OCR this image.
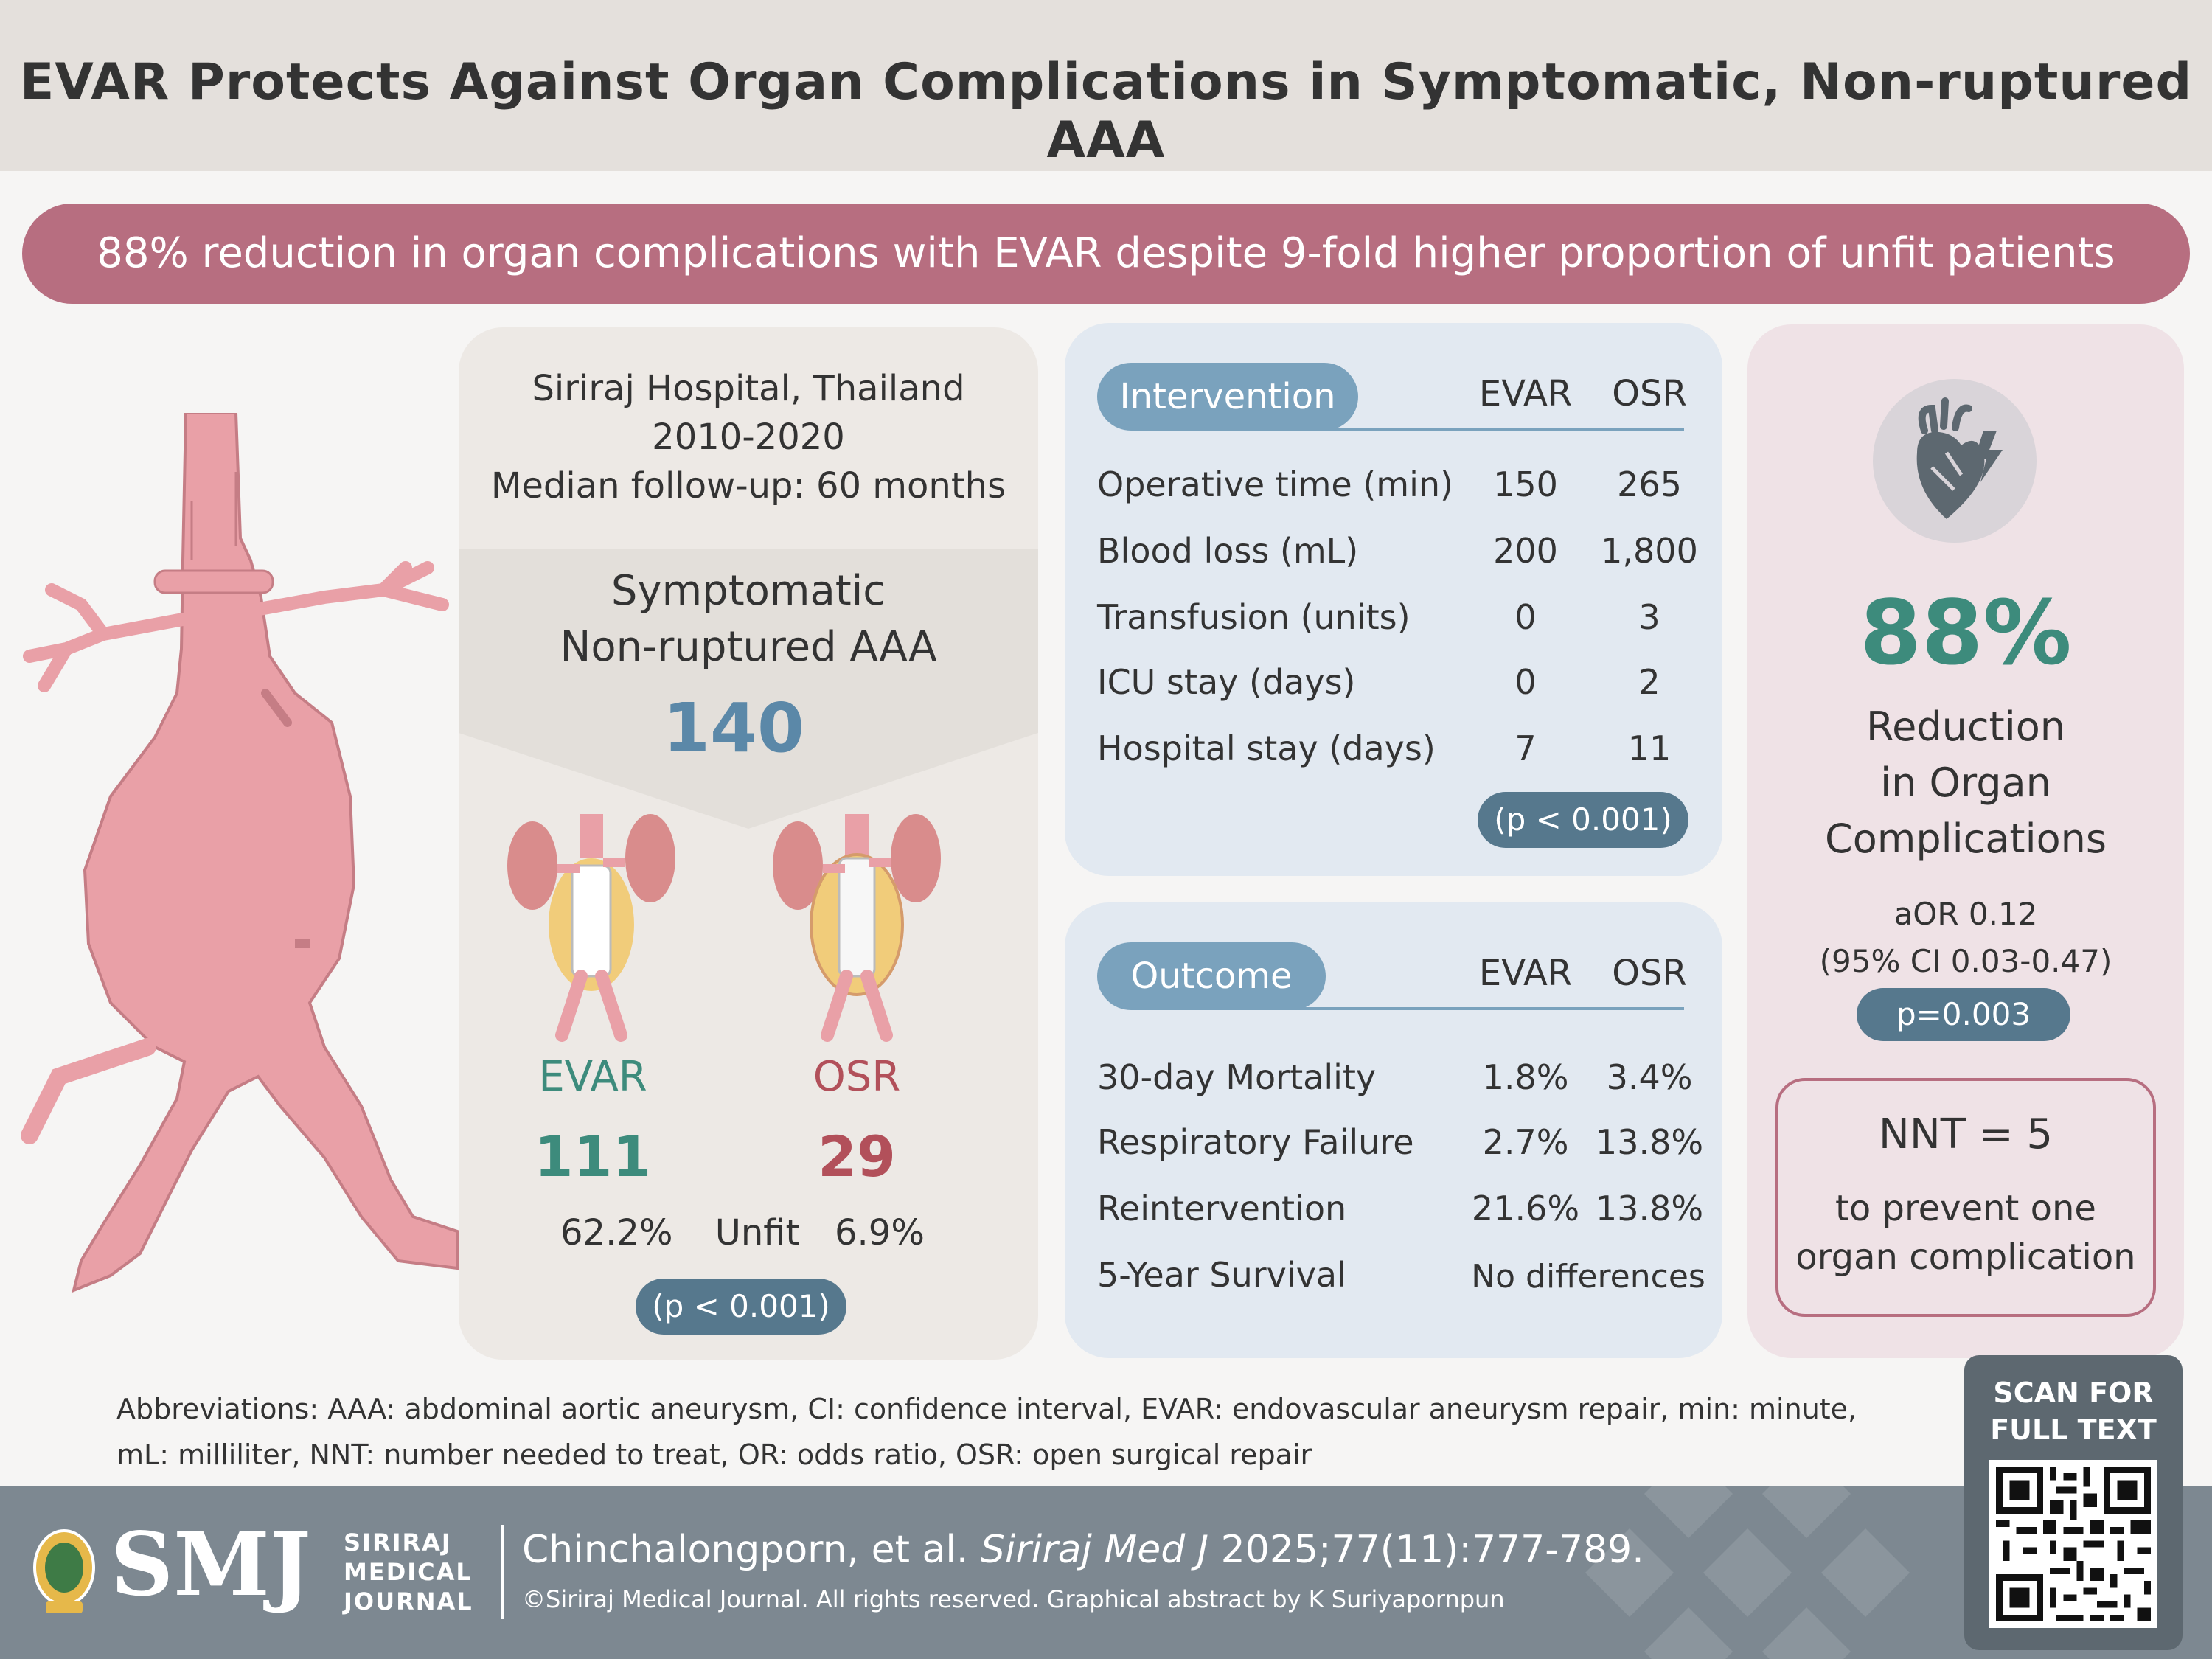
EVAR Protects Against Organ Complications in Symptomatic, Non-ruptured AAA
88% reduction in organ complications with EVAR despite 9-fold higher proportion of unfit patients
Siriraj Hospital, Thailand
2010-2020
Median follow-up: 60 months
Symptomatic
Non-ruptured AAA
140
EVAR	OSR
111	29
62.2%	Unfit 6.9%
(p < 0.001)
Intervention	EVAR	OSR
Operative time (min)	150	265
Blood loss (mL)	200	1,800
Transfusion (units)	0	3
ICU stay (days)	0	2
Hospital stay (days)	7	11
(p < 0.001)
Outcome	EVAR	OSR
30-day Mortality	1.8%	3.4%
Respiratory Failure	2.7% 13.8%
Reintervention	21.6% 13.8%
5-Year Survival	No differences
88%
Reduction
in Organ
Complications
aOR 0.12
(95% CI 0.03-0.47)
p=0.003
NNT = 5
to prevent one
organ complication
Abbreviations: AAA: abdominal aortic aneurysm, CI: confidence interval, EVAR: endovascular aneurysm repair, min: minute,
mL: milliliter, NNT: number needed to treat, OR: odds ratio, OSR: open surgical repair
SMJ SIRIRAJ
MEDICAL
JOURNAL
Chinchalongporn, et al. Siriraj Med J 2025;77(11):777-789.
©Siriraj Medical Journal. All rights reserved. Graphical abstract by K Suriyapornpun
SCAN FOR
FULL TEXT
